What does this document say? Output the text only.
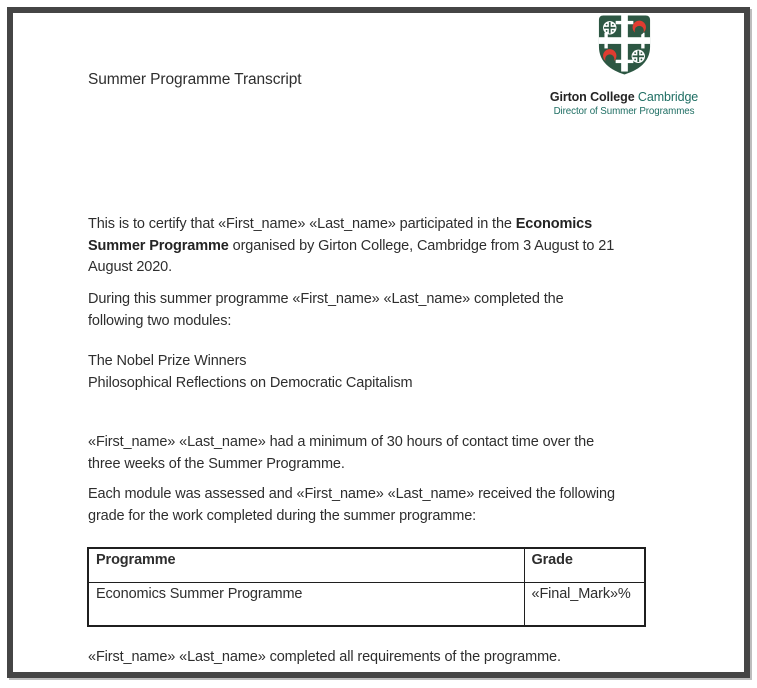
Summer Programme Transcript
Girton College Cambridge
Director of Summer Programmes
This is to certify that «First_name» «Last_name» participated in the Economics
Summer Programme organised by Girton College, Cambridge from 3 August to 21
August 2020.
During this summer programme «First_name» «Last_name» completed the
following two modules:
The Nobel Prize Winners
Philosophical Reflections on Democratic Capitalism
«First_name» «Last_name» had a minimum of 30 hours of contact time over the
three weeks of the Summer Programme.
Each module was assessed and «First_name» «Last_name» received the following
grade for the work completed during the summer programme:
Programme	Grade
Economics Summer Programme	«Final_Mark»%
«First_name» «Last_name» completed all requirements of the programme.
